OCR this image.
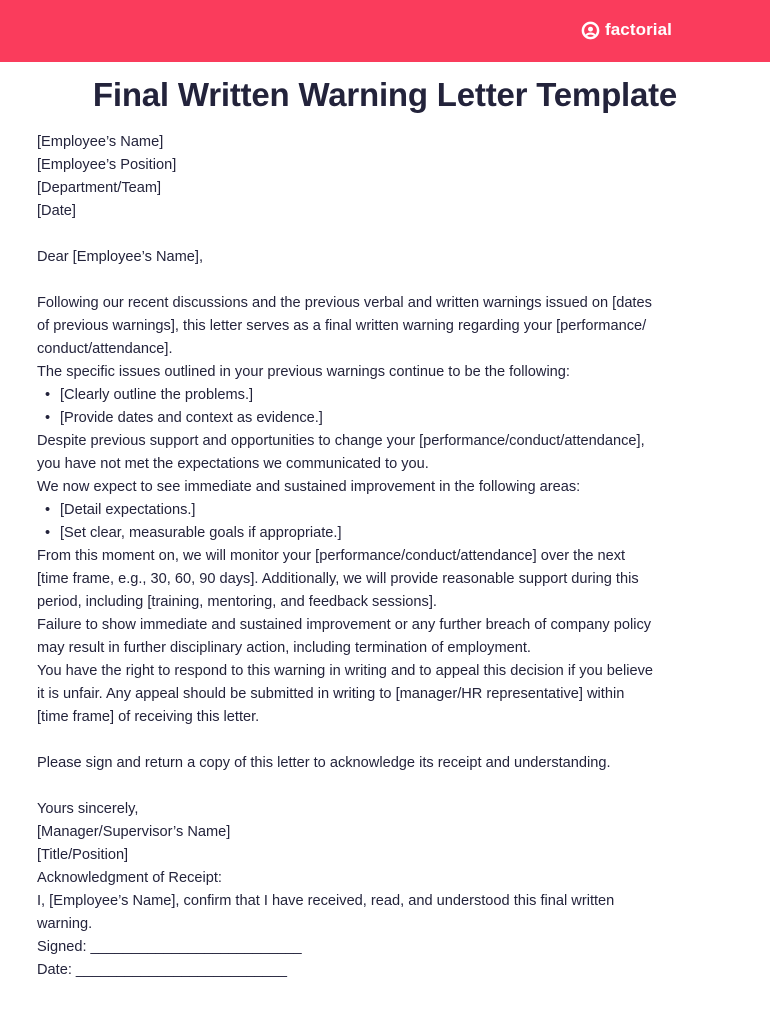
factorial
Final Written Warning Letter Template
[Employee’s Name]
[Employee’s Position]
[Department/Team]
[Date]
Dear [Employee’s Name],
Following our recent discussions and the previous verbal and written warnings issued on [dates
of previous warnings], this letter serves as a final written warning regarding your [performance/
conduct/attendance].
The specific issues outlined in your previous warnings continue to be the following:
• [Clearly outline the problems.]
• [Provide dates and context as evidence.]
Despite previous support and opportunities to change your [performance/conduct/attendance],
you have not met the expectations we communicated to you.
We now expect to see immediate and sustained improvement in the following areas:
• [Detail expectations.]
• [Set clear, measurable goals if appropriate.]
From this moment on, we will monitor your [performance/conduct/attendance] over the next
[time frame, e.g., 30, 60, 90 days]. Additionally, we will provide reasonable support during this
period, including [training, mentoring, and feedback sessions].
Failure to show immediate and sustained improvement or any further breach of company policy
may result in further disciplinary action, including termination of employment.
You have the right to respond to this warning in writing and to appeal this decision if you believe
it is unfair. Any appeal should be submitted in writing to [manager/HR representative] within
[time frame] of receiving this letter.
Please sign and return a copy of this letter to acknowledge its receipt and understanding.
Yours sincerely,
[Manager/Supervisor’s Name]
[Title/Position]
Acknowledgment of Receipt:
I, [Employee’s Name], confirm that I have received, read, and understood this final written
warning.
Signed: __________________________
Date: __________________________
